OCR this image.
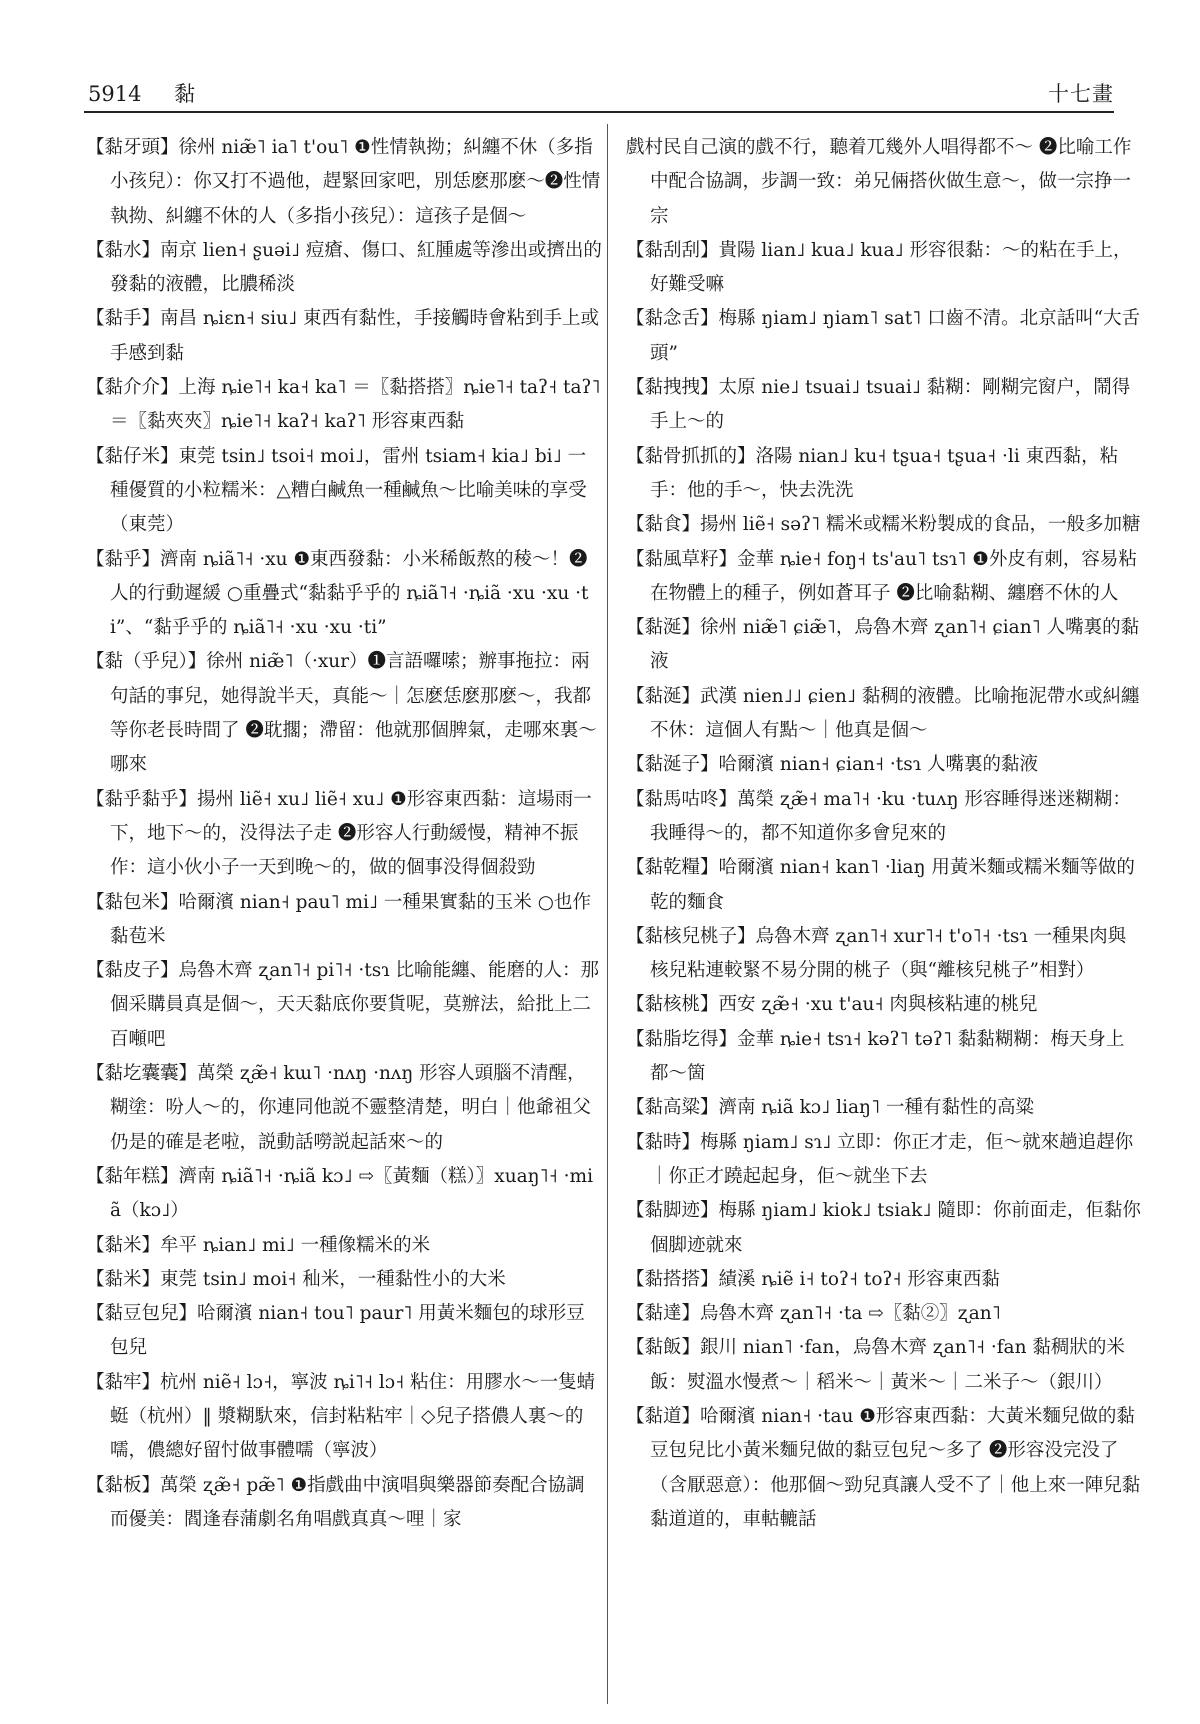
5914 黏	十七畫

【黏牙頭】徐州 niæ̃˥ ia˥ t'ou˥ ❶性情執拗；糾纏不休（多指小孩兒）：你又打不過他，趕緊回家吧，別恁麽那麽～❷性情執拗、糾纏不休的人（多指小孩兒）：這孩子是個～

【黏水】南京 lien˧ ʂuəi˩ 痘瘡、傷口、紅腫處等滲出或擠出的發黏的液體，比膿稀淡

【黏手】南昌 ȵiɛn˧ siu˩ 東西有黏性，手接觸時會粘到手上或手感到黏

【黏介介】上海 ȵie˥˧ ka˧ ka˥ ＝〖黏搭搭〗ȵie˥˧ taʔ˧ taʔ˥ ＝〖黏夾夾〗ȵie˥˧ kaʔ˧ kaʔ˥ 形容東西黏

【黏仔米】東莞 tsin˩ tsoi˧ moi˩，雷州 tsiam˧ kia˩ bi˩ 一種優質的小粒糯米：△糟白鹹魚一種鹹魚～比喻美味的享受（東莞）

【黏乎】濟南 ȵiã˥˧ ·xu ❶東西發黏：小米稀飯熬的稜～！❷人的行動遲緩 ○重疊式“黏黏乎乎的 ȵiã˥˧ ·ȵiã ·xu ·xu ·ti”、“黏乎乎的 ȵiã˥˧ ·xu ·xu ·ti”

【黏（乎兒）】徐州 niæ̃˥（·xur）❶言語囉嗦；辦事拖拉：兩句話的事兒，她得說半天，真能～｜怎麽恁麽那麽～，我都等你老長時間了 ❷耽擱；滯留：他就那個脾氣，走哪來裏～哪來

【黏乎黏乎】揚州 liẽ˧ xu˩ liẽ˧ xu˩ ❶形容東西黏：這場雨一下，地下～的，没得法子走 ❷形容人行動緩慢，精神不振作：這小伙小子一天到晚～的，做的個事没得個殺勁

【黏包米】哈爾濱 nian˧ pau˥ mi˩ 一種果實黏的玉米 ○也作黏苞米

【黏皮子】烏魯木齊 ʐan˥˧ pi˥˧ ·tsɿ 比喻能纏、能磨的人：那個采購員真是個～，天天黏底你要貨呢，莫辦法，給批上二百噸吧

【黏圪囊囊】萬榮 ʐæ̃˧ kɯ˥ ·nʌŋ ·nʌŋ 形容人頭腦不清醒，糊塗：吩人～的，你連同他説不靈整清楚，明白｜他爺祖父仍是的確是老啦，説動話嘮説起話來～的

【黏年糕】濟南 ȵiã˥˧ ·ȵiã kɔ˩ ⇨〖黃麵（糕）〗xuaŋ˥˧ ·miã（kɔ˩）

【黏米】牟平 ȵian˩ mi˩ 一種像糯米的米

【黏米】東莞 tsin˩ moi˧ 秈米，一種黏性小的大米

【黏豆包兒】哈爾濱 nian˧ tou˥ paur˥ 用黃米麵包的球形豆包兒

【黏牢】杭州 niẽ˧ lɔ˧，寧波 ȵi˥˧ lɔ˧ 粘住：用膠水～一隻蜻蜓（杭州）‖ 漿糊馱來，信封粘粘牢｜◇兒子搭儂人裏～的嚅，儂總好留忖做事體嚅（寧波）

【黏板】萬榮 ʐæ̃˧ pæ̃˥ ❶指戲曲中演唱與樂器節奏配合協調而優美：閻逢春蒲劇名角唱戲真真～哩｜家

戲村民自己演的戲不行，聽着兀幾外人唱得都不～ ❷比喻工作中配合協調，步調一致：弟兄倆搭伙做生意～，做一宗挣一宗

【黏刮刮】貴陽 lian˩ kua˩ kua˩ 形容很黏：～的粘在手上，好難受嘛

【黏念舌】梅縣 ŋiam˩ ŋiam˥ sat˥ 口齒不清。北京話叫“大舌頭”

【黏拽拽】太原 nie˩ tsuai˩ tsuai˩ 黏糊：剛糊完窗户，鬧得手上～的

【黏骨抓抓的】洛陽 nian˩ ku˧ tʂua˧ tʂua˧ ·li 東西黏，粘手：他的手～，快去洗洗

【黏食】揚州 liẽ˧ səʔ˥ 糯米或糯米粉製成的食品，一般多加糖

【黏風草籽】金華 ȵie˧ foŋ˧ ts'au˥ tsɿ˥ ❶外皮有刺，容易粘在物體上的種子，例如蒼耳子 ❷比喻黏糊、纏磨不休的人

【黏涎】徐州 niæ̃˥ ɕiæ̃˥，烏魯木齊 ʐan˥˧ ɕian˥ 人嘴裏的黏液

【黏涎】武漢 nien˩˩ ɕien˩ 黏稠的液體。比喻拖泥帶水或糾纏不休：這個人有點～｜他真是個～

【黏涎子】哈爾濱 nian˧ ɕian˧ ·tsɿ 人嘴裏的黏液

【黏馬咕咚】萬榮 ʐæ̃˧ ma˥˧ ·ku ·tuʌŋ 形容睡得迷迷糊糊：我睡得～的，都不知道你多會兒來的

【黏乾糧】哈爾濱 nian˧ kan˥ ·liaŋ 用黃米麵或糯米麵等做的乾的麵食

【黏核兒桃子】烏魯木齊 ʐan˥˧ xur˥˧ t'o˥˧ ·tsɿ 一種果肉與核兒粘連較緊不易分開的桃子（與“離核兒桃子”相對）

【黏核桃】西安 ʐæ̃˧ ·xu t'au˧ 肉與核粘連的桃兒

【黏脂圪得】金華 ȵie˧ tsɿ˧ kəʔ˥ təʔ˥ 黏黏糊糊：梅天身上都～箇

【黏高粱】濟南 ȵiã kɔ˩ liaŋ˥ 一種有黏性的高粱

【黏時】梅縣 ŋiam˩ sɿ˩ 立即：你正才走，佢～就來趟追趕你｜你正才蹺起起身，佢～就坐下去

【黏脚迹】梅縣 ŋiam˩ kiok˩ tsiak˩ 隨即：你前面走，佢黏你個脚迹就來

【黏搭搭】績溪 ȵiẽ i˧ toʔ˧ toʔ˧ 形容東西黏

【黏達】烏魯木齊 ʐan˥˧ ·ta ⇨〖黏②〗ʐan˥

【黏飯】銀川 nian˥ ·fan，烏魯木齊 ʐan˥˧ ·fan 黏稠狀的米飯：熨溫水慢煮～｜稻米～｜黃米～｜二米子～（銀川）

【黏道】哈爾濱 nian˧ ·tau ❶形容東西黏：大黃米麵兒做的黏豆包兒比小黃米麵兒做的黏豆包兒～多了 ❷形容没完没了（含厭惡意）：他那個～勁兒真讓人受不了｜他上來一陣兒黏黏道道的，車軲轆話
